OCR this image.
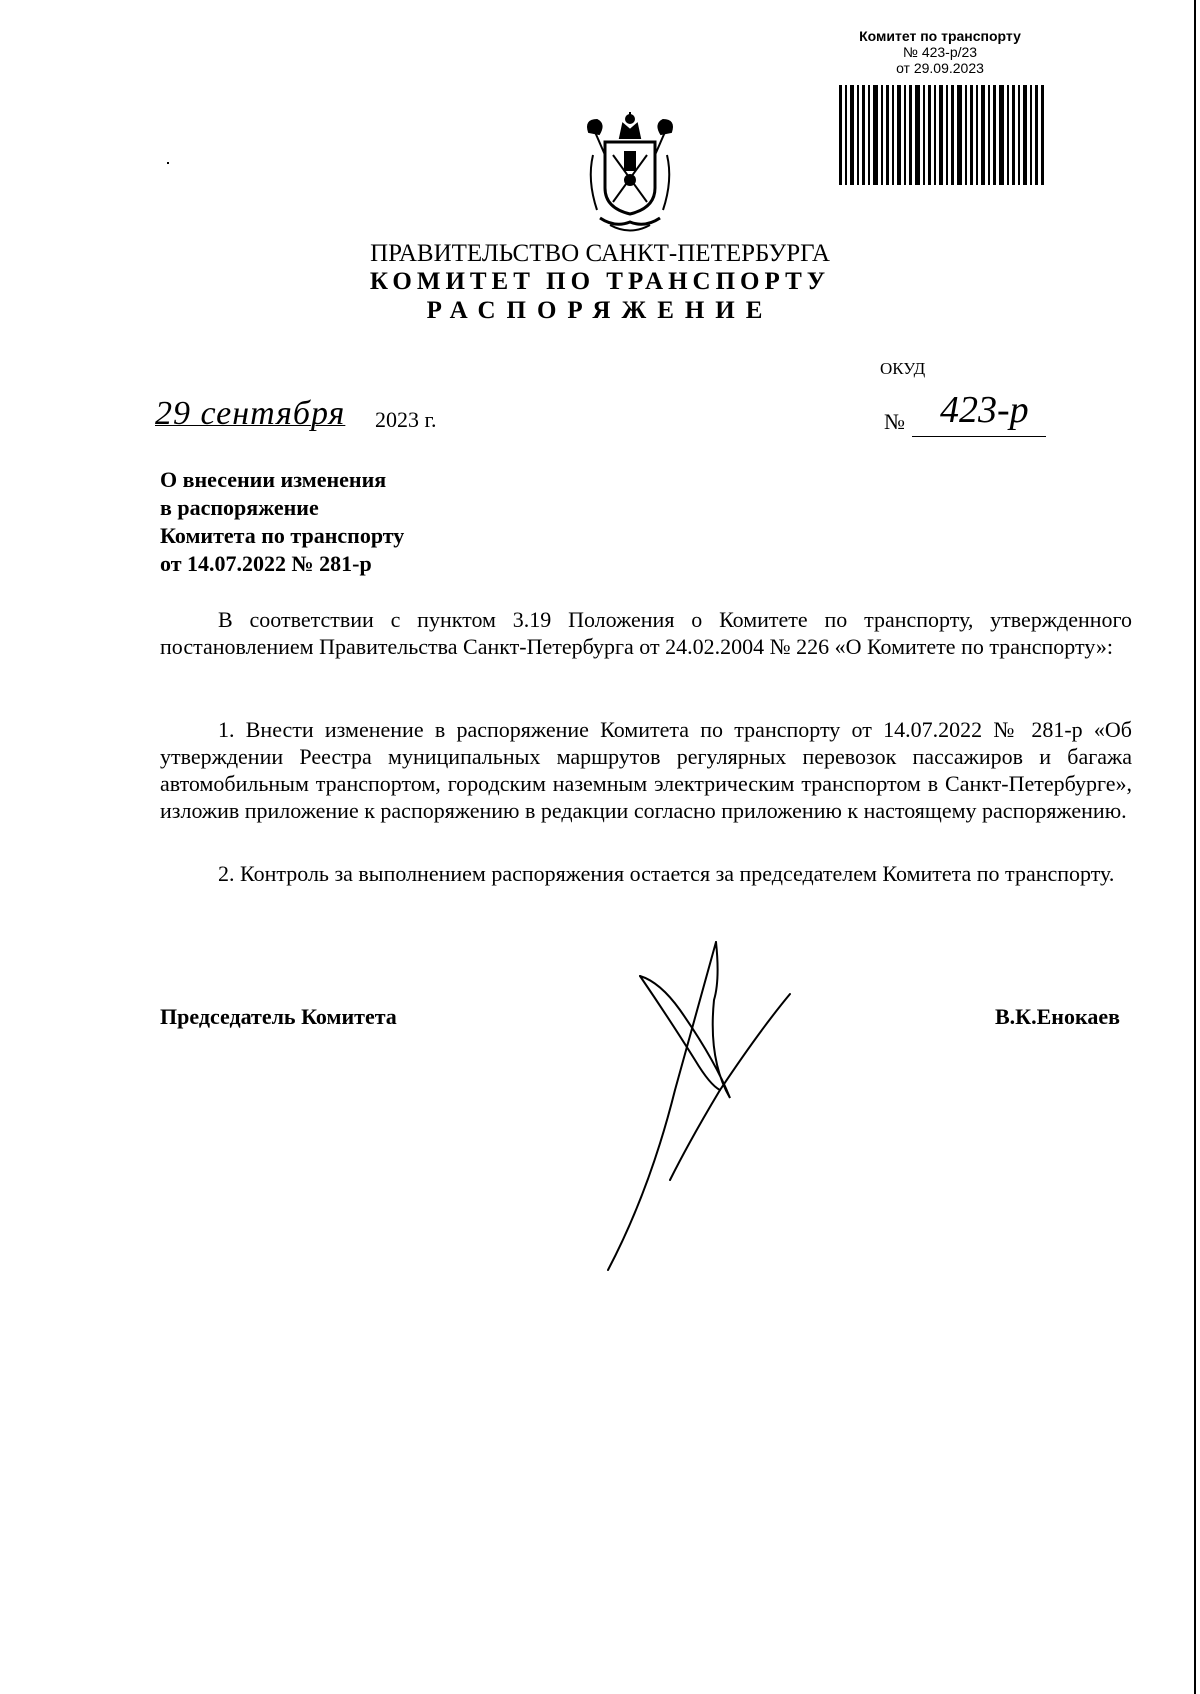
Комитет по транспорту
№ 423-р/23
от 29.09.2023
ПРАВИТЕЛЬСТВО САНКТ-ПЕТЕРБУРГА
КОМИТЕТ ПО ТРАНСПОРТУ
РАСПОРЯЖЕНИЕ
ОКУД
29 сентября 2023 г.	№ 423-р
О внесении изменения
в распоряжение
Комитета по транспорту
от 14.07.2022 № 281-р

В соответствии с пунктом 3.19 Положения о Комитете по транспорту, утвержденного постановлением Правительства Санкт-Петербурга от 24.02.2004 № 226 «О Комитете по транспорту»:

1. Внести изменение в распоряжение Комитета по транспорту от 14.07.2022 № 281-р «Об утверждении Реестра муниципальных маршрутов регулярных перевозок пассажиров и багажа автомобильным транспортом, городским наземным электрическим транспортом в Санкт-Петербурге», изложив приложение к распоряжению в редакции согласно приложению к настоящему распоряжению.

2. Контроль за выполнением распоряжения остается за председателем Комитета по транспорту.

Председатель Комитета	В.К.Енокаев
